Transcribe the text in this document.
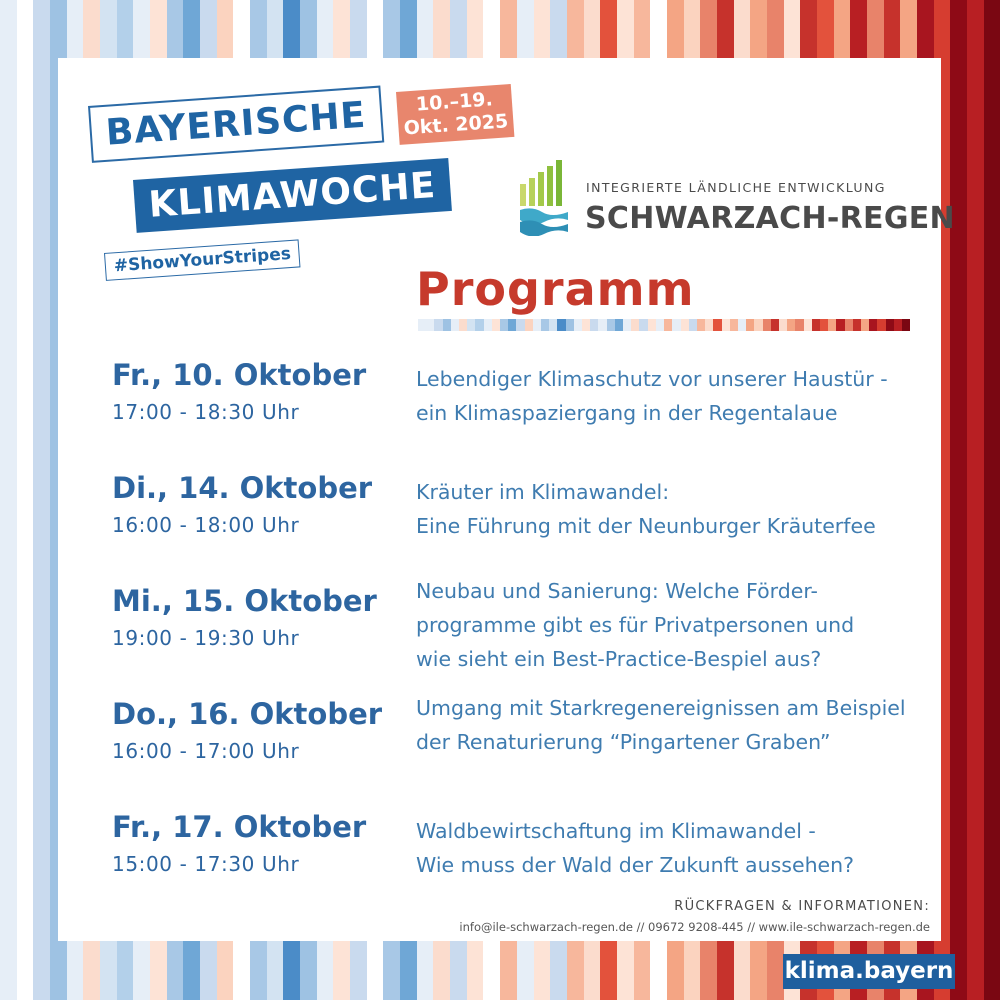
BAYERISCHE
KLIMAWOCHE
#ShowYourStripes
10.–19.
Okt. 2025
INTEGRIERTE LÄNDLICHE ENTWICKLUNG
SCHWARZACH-REGEN
Programm
Fr., 10. Oktober
17:00 - 18:30 Uhr
Lebendiger Klimaschutz vor unserer Haustür -
ein Klimaspaziergang in der Regentalaue
Di., 14. Oktober
16:00 - 18:00 Uhr
Kräuter im Klimawandel:
Eine Führung mit der Neunburger Kräuterfee
Mi., 15. Oktober
19:00 - 19:30 Uhr
Neubau und Sanierung: Welche Förder-
programme gibt es für Privatpersonen und
wie sieht ein Best-Practice-Bespiel aus?
Do., 16. Oktober
16:00 - 17:00 Uhr
Umgang mit Starkregenereignissen am Beispiel
der Renaturierung “Pingartener Graben”
Fr., 17. Oktober
15:00 - 17:30 Uhr
Waldbewirtschaftung im Klimawandel -
Wie muss der Wald der Zukunft aussehen?
RÜCKFRAGEN & INFORMATIONEN:
info@ile-schwarzach-regen.de // 09672 9208-445 // www.ile-schwarzach-regen.de
klima.bayern
